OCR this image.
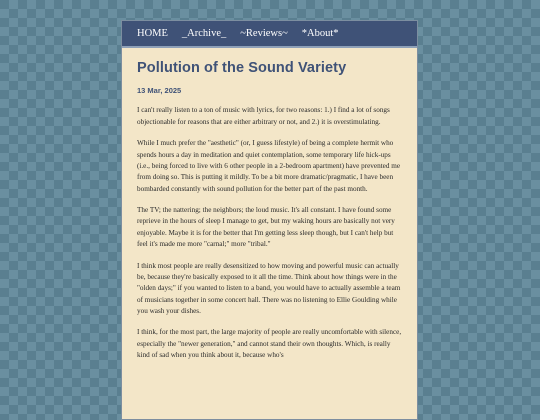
HOME _Archive_ ~Reviews~ *About*
Pollution of the Sound Variety
13 Mar, 2025

I can't really listen to a ton of music with lyrics, for two reasons: 1.) I find a lot of songs objectionable for reasons that are either arbitrary or not, and 2.) it is overstimulating.

While I much prefer the "aesthetic" (or, I guess lifestyle) of being a complete hermit who spends hours a day in meditation and quiet contemplation, some temporary life hick-ups (i.e., being forced to live with 6 other people in a 2-bedroom apartment) have prevented me from doing so. This is putting it mildly. To be a bit more dramatic/pragmatic, I have been bombarded constantly with sound pollution for the better part of the past month.

The TV; the nattering; the neighbors; the loud music. It's all constant. I have found some reprieve in the hours of sleep I manage to get, but my waking hours are basically not very enjoyable. Maybe it is for the better that I'm getting less sleep though, but I can't help but feel it's made me more "carnal;" more "tribal."

I think most people are really desensitized to how moving and powerful music can actually be, because they're basically exposed to it all the time. Think about how things were in the "olden days;" if you wanted to listen to a band, you would have to actually assemble a team of musicians together in some concert hall. There was no listening to Ellie Goulding while you wash your dishes.

I think, for the most part, the large majority of people are really uncomfortable with silence, especially the "newer generation," and cannot stand their own thoughts. Which, is really kind of sad when you think about it, because who's
